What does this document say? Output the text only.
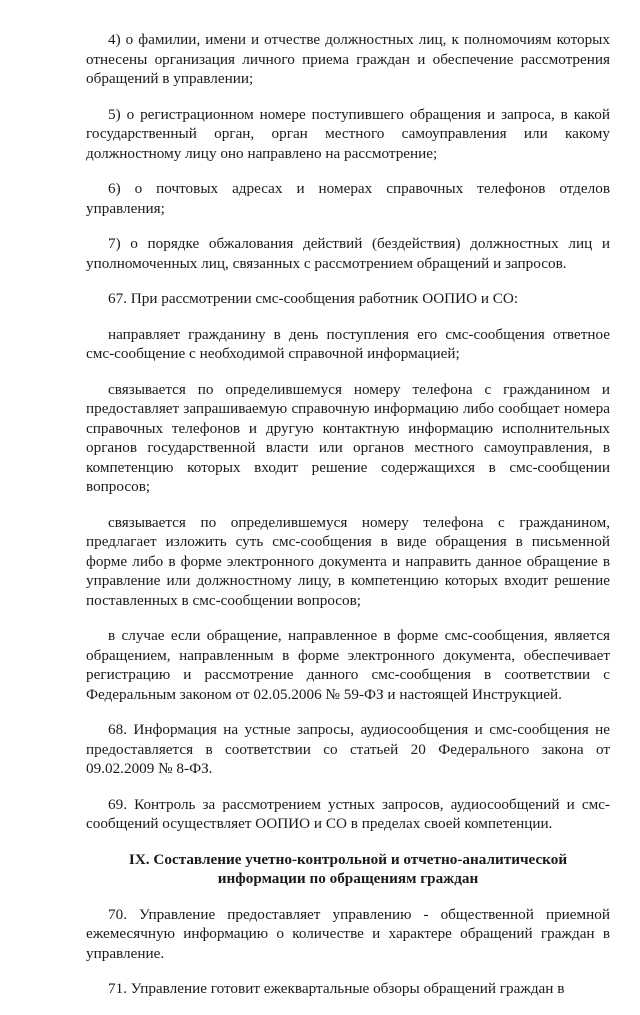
4) о фамилии, имени и отчестве должностных лиц, к полномочиям которых отнесены организация личного приема граждан и обеспечение рассмотрения обращений в управлении;

5) о регистрационном номере поступившего обращения и запроса, в какой государственный орган, орган местного самоуправления или какому должностному лицу оно направлено на рассмотрение;

6) о почтовых адресах и номерах справочных телефонов отделов управления;

7) о порядке обжалования действий (бездействия) должностных лиц и уполномоченных лиц, связанных с рассмотрением обращений и запросов.

67. При рассмотрении смс-сообщения работник ООПИО и СО:

направляет гражданину в день поступления его смс-сообщения ответное смс-сообщение с необходимой справочной информацией;

связывается по определившемуся номеру телефона с гражданином и предоставляет запрашиваемую справочную информацию либо сообщает номера справочных телефонов и другую контактную информацию исполнительных органов государственной власти или органов местного самоуправления, в компетенцию которых входит решение содержащихся в смс-сообщении вопросов;

связывается по определившемуся номеру телефона с гражданином, предлагает изложить суть смс-сообщения в виде обращения в письменной форме либо в форме электронного документа и направить данное обращение в управление или должностному лицу, в компетенцию которых входит решение поставленных в смс-сообщении вопросов;

в случае если обращение, направленное в форме смс-сообщения, является обращением, направленным в форме электронного документа, обеспечивает регистрацию и рассмотрение данного смс-сообщения в соответствии с Федеральным законом от 02.05.2006 № 59-ФЗ и настоящей Инструкцией.

68. Информация на устные запросы, аудиосообщения и смс-сообщения не предоставляется в соответствии со статьей 20 Федерального закона от 09.02.2009 № 8-ФЗ.

69. Контроль за рассмотрением устных запросов, аудиосообщений и смс-сообщений осуществляет ООПИО и СО в пределах своей компетенции.

IX. Составление учетно-контрольной и отчетно-аналитической информации по обращениям граждан

70. Управление предоставляет управлению - общественной приемной ежемесячную информацию о количестве и характере обращений граждан в управление.

71. Управление готовит ежеквартальные обзоры обращений граждан в
